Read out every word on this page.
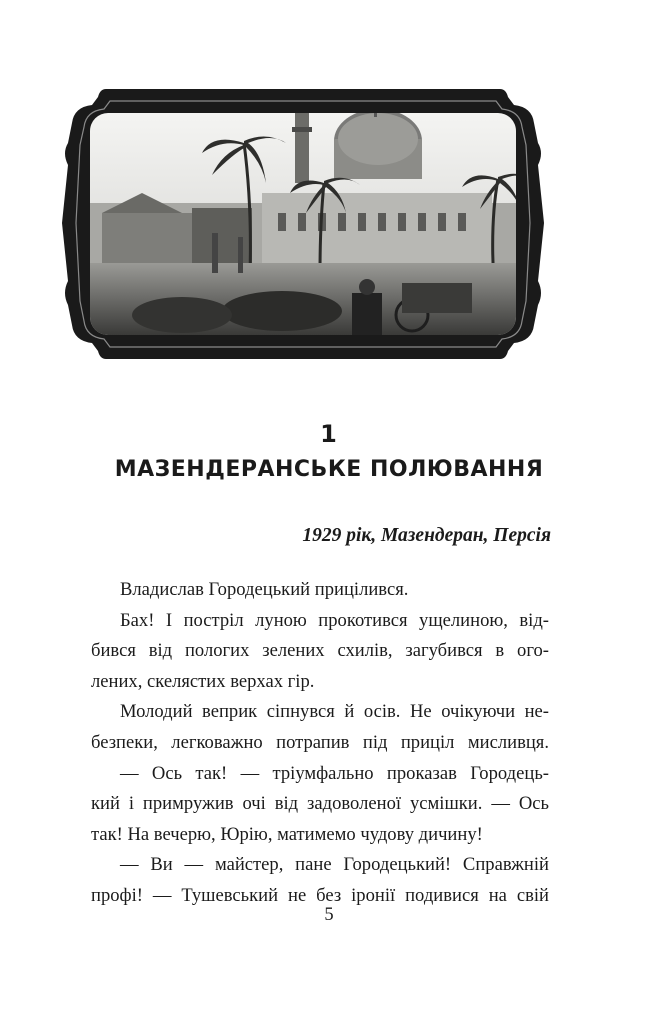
1
МАЗЕНДЕРАНСЬКЕ ПОЛЮВАННЯ
1929 рік, Мазендеран, Персія
Владислав Городецький прицілився.
Бах! І постріл луною прокотився ущелиною, від-
бився від пологих зелених схилів, загубився в ого-
лених, скелястих верхах гір.
Молодий веприк сіпнувся й осів. Не очікуючи не-
безпеки, легковажно потрапив під приціл мисливця.
— Ось так! — тріумфально проказав Городець-
кий і примружив очі від задоволеної усмішки. — Ось
так! На вечерю, Юрію, матимемо чудову дичину!
— Ви — майстер, пане Городецький! Справжній
профі! — Тушевський не без іронії подивися на свій
5
